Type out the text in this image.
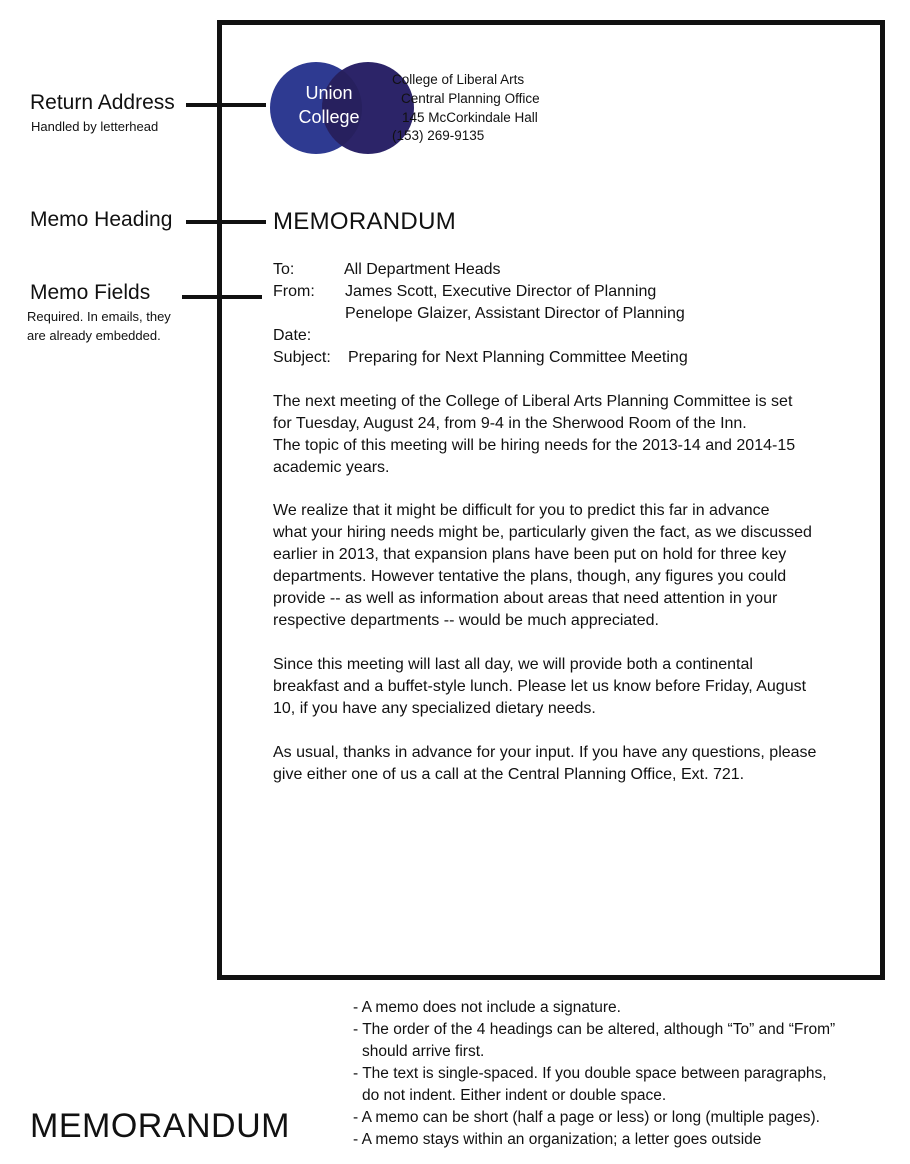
Return Address
Handled by letterhead
Memo Heading
Memo Fields
Required. In emails, they
are already embedded.
Union
College
College of Liberal Arts
Central Planning Office
145 McCorkindale Hall
(153) 269-9135
MEMORANDUM
To:	All Department Heads
From: James Scott, Executive Director of Planning
Penelope Glaizer, Assistant Director of Planning
Date:
Subject: Preparing for Next Planning Committee Meeting
The next meeting of the College of Liberal Arts Planning Committee is set
for Tuesday, August 24, from 9-4 in the Sherwood Room of the Inn.
The topic of this meeting will be hiring needs for the 2013-14 and 2014-15
academic years.
We realize that it might be difficult for you to predict this far in advance
what your hiring needs might be, particularly given the fact, as we discussed
earlier in 2013, that expansion plans have been put on hold for three key
departments. However tentative the plans, though, any figures you could
provide -- as well as information about areas that need attention in your
respective departments -- would be much appreciated.
Since this meeting will last all day, we will provide both a continental
breakfast and a buffet-style lunch. Please let us know before Friday, August
10, if you have any specialized dietary needs.
As usual, thanks in advance for your input. If you have any questions, please
give either one of us a call at the Central Planning Office, Ext. 721.
- A memo does not include a signature.
- The order of the 4 headings can be altered, although “To” and “From”
should arrive first.
- The text is single-spaced. If you double space between paragraphs,
do not indent. Either indent or double space.
- A memo can be short (half a page or less) or long (multiple pages).
- A memo stays within an organization; a letter goes outside
MEMORANDUM
